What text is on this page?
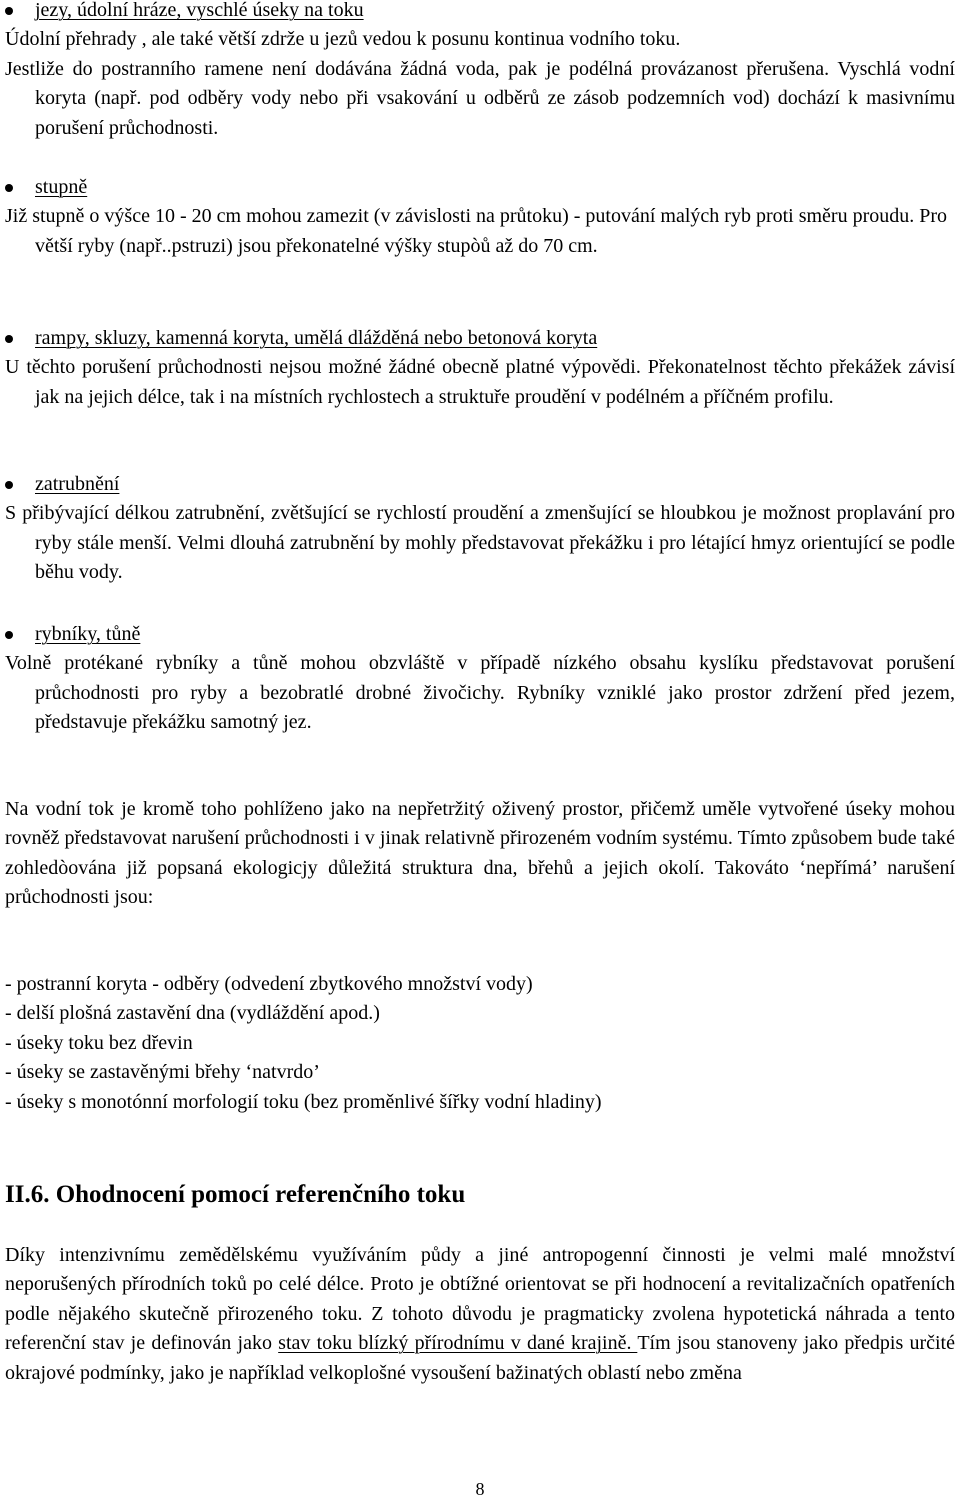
jezy, údolní hráze, vyschlé úseky na toku

Údolní přehrady , ale také větší zdrže u jezů vedou k posunu kontinua vodního toku.

Jestliže do postranního ramene není dodávána žádná voda, pak je podélná provázanost přerušena. Vyschlá vodní koryta (např. pod odběry vody nebo při vsakování u odběrů ze zásob podzemních vod) dochází k masivnímu porušení průchodnosti.

stupně

Již stupně o výšce 10 - 20 cm mohou zamezit (v závislosti na průtoku) - putování malých ryb proti směru proudu. Pro větší ryby (např..pstruzi) jsou překonatelné výšky stupòů až do 70 cm.

rampy, skluzy, kamenná koryta, umělá dlážděná nebo betonová koryta

U těchto porušení průchodnosti nejsou možné žádné obecně platné výpovědi. Překonatelnost těchto překážek závisí jak na jejich délce, tak i na místních rychlostech a struktuře proudění v podélném a příčném profilu.

zatrubnění

S přibývající délkou zatrubnění, zvětšující se rychlostí proudění a zmenšující se hloubkou je možnost proplavání pro ryby stále menší. Velmi dlouhá zatrubnění by mohly představovat překážku i pro létající hmyz orientující se podle běhu vody.

rybníky, tůně

Volně protékané rybníky a tůně mohou obzvláště v případě nízkého obsahu kyslíku představovat porušení průchodnosti pro ryby a bezobratlé drobné živočichy. Rybníky vzniklé jako prostor zdržení před jezem, představuje překážku samotný jez.

Na vodní tok je kromě toho pohlíženo jako na nepřetržitý oživený prostor, přičemž uměle vytvořené úseky mohou rovněž představovat narušení průchodnosti i v jinak relativně přirozeném vodním systému. Tímto způsobem bude také zohledòována již popsaná ekologicjy důležitá struktura dna, břehů a jejich okolí. Takováto ‘nepřímá’ narušení průchodnosti jsou:

- postranní koryta - odběry (odvedení zbytkového množství vody)

- delší plošná zastavění dna (vydláždění apod.)

- úseky toku bez dřevin

- úseky se zastavěnými břehy ‘natvrdo’

- úseky s monotónní morfologií toku (bez proměnlivé šířky vodní hladiny)

II.6. Ohodnocení pomocí referenčního toku

Díky intenzivnímu zemědělskému využíváním půdy a jiné antropogenní činnosti je velmi malé množství neporušených přírodních toků po celé délce. Proto je obtížné orientovat se při hodnocení a revitalizačních opatřeních podle nějakého skutečně přirozeného toku. Z tohoto důvodu je pragmaticky zvolena hypotetická náhrada a tento referenční stav je definován jako stav toku blízký přírodnímu v dané krajině. Tím jsou stanoveny jako předpis určité okrajové podmínky, jako je například velkoplošné vysoušení bažinatých oblastí nebo změna

8
